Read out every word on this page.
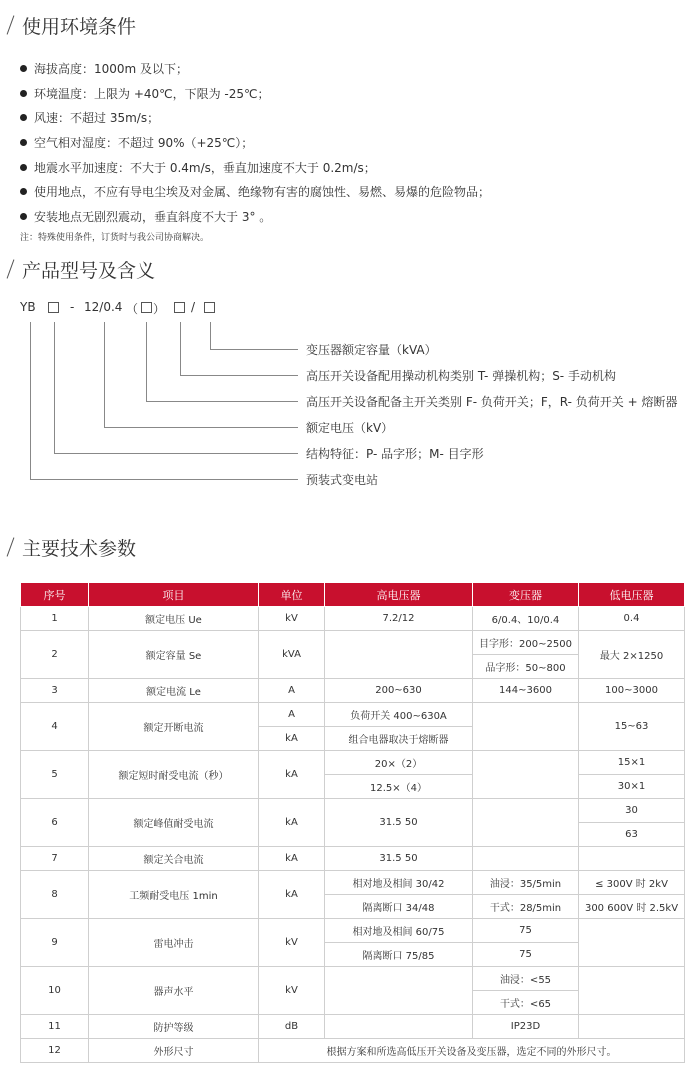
使用环境条件
海拔高度：1000m 及以下；
环境温度：上限为 +40℃，下限为 -25℃；
风速：不超过 35m/s；
空气相对湿度：不超过 90%（+25℃）；
地震水平加速度：不大于 0.4m/s，垂直加速度不大于 0.2m/s；
使用地点，不应有导电尘埃及对金属、绝缘物有害的腐蚀性、易燃、易爆的危险物品；
安装地点无剧烈震动，垂直斜度不大于 3° 。
注：特殊使用条件，订货时与我公司协商解决。
产品型号及含义
YB	- 12/0.4 （ ） /
变压器额定容量（kVA）
高压开关设备配用操动机构类别 T- 弹操机构；S- 手动机构
高压开关设备配备主开关类别 F- 负荷开关；F，R- 负荷开关 + 熔断器
额定电压（kV）
结构特征：P- 品字形；M- 目字形
预装式变电站
主要技术参数
序号	项目	单位	高电压器	变压器	低电压器
1	额定电压 Ue	kV	7.2/12	6/0.4、10/0.4	0.4
2	额定容量 Se	kVA		目字形：200~2500	最大 2×1250
				品字形：50~800	
3	额定电流 Le	A	200~630	144~3600	100~3000
4	额定开断电流	A	负荷开关 400~630A		15~63
		kA	组合电器取决于熔断器		
5	额定短时耐受电流（秒）	kA	20×（2）		15×1
			12.5×（4）		30×1
6	额定峰值耐受电流	kA	31.5 50		30
					63
7	额定关合电流	kA	31.5 50		
8	工频耐受电压 1min	kA	相对地及相间 30/42	油浸：35/5min	≤ 300V 时 2kV
			隔离断口 34/48	干式：28/5min	300 600V 时 2.5kV
9	雷电冲击	kV	相对地及相间 60/75	75	
			隔离断口 75/85	75	
10	器声水平	kV		油浸：<55	
				干式：<65	
11	防护等级	dB		IP23D	
12	外形尺寸	根据方案和所选高低压开关设备及变压器，选定不同的外形尺寸。			
